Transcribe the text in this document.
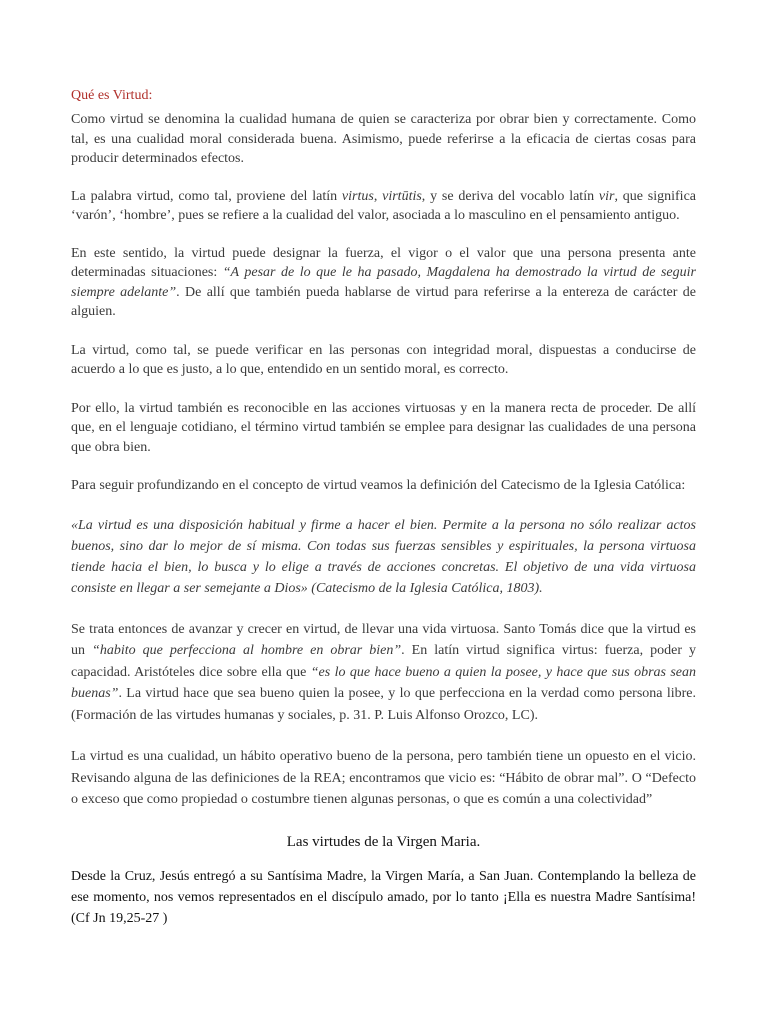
Qué es Virtud:

Como virtud se denomina la cualidad humana de quien se caracteriza por obrar bien y correctamente. Como tal, es una cualidad moral considerada buena. Asimismo, puede referirse a la eficacia de ciertas cosas para producir determinados efectos.

La palabra virtud, como tal, proviene del latín virtus, virtūtis, y se deriva del vocablo latín vir, que significa ‘varón’, ‘hombre’, pues se refiere a la cualidad del valor, asociada a lo masculino en el pensamiento antiguo.

En este sentido, la virtud puede designar la fuerza, el vigor o el valor que una persona presenta ante determinadas situaciones: “A pesar de lo que le ha pasado, Magdalena ha demostrado la virtud de seguir siempre adelante”. De allí que también pueda hablarse de virtud para referirse a la entereza de carácter de alguien.

La virtud, como tal, se puede verificar en las personas con integridad moral, dispuestas a conducirse de acuerdo a lo que es justo, a lo que, entendido en un sentido moral, es correcto.

Por ello, la virtud también es reconocible en las acciones virtuosas y en la manera recta de proceder. De allí que, en el lenguaje cotidiano, el término virtud también se emplee para designar las cualidades de una persona que obra bien.

Para seguir profundizando en el concepto de virtud veamos la definición del Catecismo de la Iglesia Católica:

«La virtud es una disposición habitual y firme a hacer el bien. Permite a la persona no sólo realizar actos buenos, sino dar lo mejor de sí misma. Con todas sus fuerzas sensibles y espirituales, la persona virtuosa tiende hacia el bien, lo busca y lo elige a través de acciones concretas. El objetivo de una vida virtuosa consiste en llegar a ser semejante a Dios» (Catecismo de la Iglesia Católica, 1803).

Se trata entonces de avanzar y crecer en virtud, de llevar una vida virtuosa. Santo Tomás dice que la virtud es un “habito que perfecciona al hombre en obrar bien”. En latín virtud significa virtus: fuerza, poder y capacidad. Aristóteles dice sobre ella que “es lo que hace bueno a quien la posee, y hace que sus obras sean buenas”. La virtud hace que sea bueno quien la posee, y lo que perfecciona en la verdad como persona libre. (Formación de las virtudes humanas y sociales, p. 31. P. Luis Alfonso Orozco, LC).

La virtud es una cualidad, un hábito operativo bueno de la persona, pero también tiene un opuesto en el vicio. Revisando alguna de las definiciones de la REA; encontramos que vicio es: “Hábito de obrar mal”. O “Defecto o exceso que como propiedad o costumbre tienen algunas personas, o que es común a una colectividad”

Las virtudes de la Virgen Maria.

Desde la Cruz, Jesús entregó a su Santísima Madre, la Virgen María, a San Juan. Contemplando la belleza de ese momento, nos vemos representados en el discípulo amado, por lo tanto ¡Ella es nuestra Madre Santísima! (Cf Jn 19,25-27 )
